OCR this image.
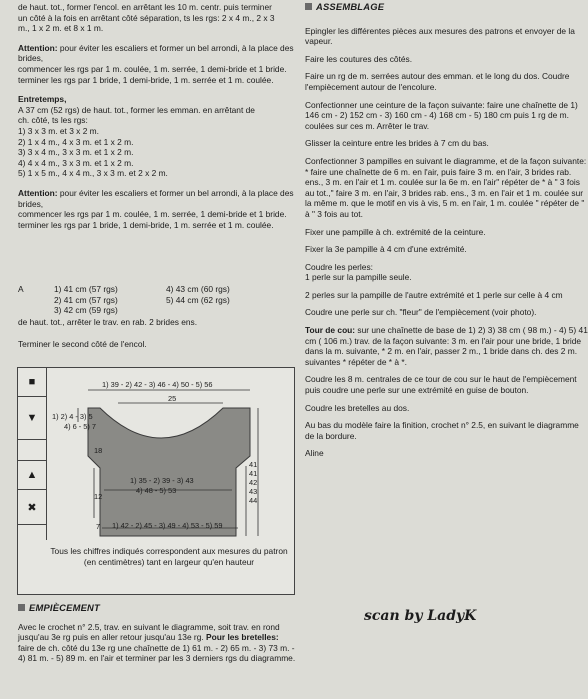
de haut. tot., former l'encol. en arrêtant les 10 m. centr. puis terminer
un côté à la fois en arrêtant côté séparation, ts les rgs: 2 x 4 m., 2 x 3
m., 1 x 2 m. et 8 x 1 m.

Attention: pour éviter les escaliers et former un bel arrondi, à la place des brides,
commencer les rgs par 1 m. coulée, 1 m. serrée, 1 demi-bride et 1 bride.
terminer les rgs par 1 bride, 1 demi-bride, 1 m. serrée et 1 m. coulée.

Entretemps,
A 37 cm (52 rgs) de haut. tot., former les emman. en arrêtant de
ch. côté, ts les rgs:
1) 3 x 3 m. et 3 x 2 m.
2) 1 x 4 m., 4 x 3 m. et 1 x 2 m.
3) 3 x 4 m., 3 x 3 m. et 1 x 2 m.
4) 4 x 4 m., 3 x 3 m. et 1 x 2 m.
5) 1 x 5 m., 4 x 4 m., 3 x 3 m. et 2 x 2 m.

Attention: pour éviter les escaliers et former un bel arrondi, à la place des brides,
commencer les rgs par 1 m. coulée, 1 m. serrée, 1 demi-bride et 1 bride.
terminer les rgs par 1 bride, 1 demi-bride, 1 m. serrée et 1 m. coulée.

A	1) 41 cm (57 rgs)
2) 41 cm (57 rgs)
3) 42 cm (59 rgs)
4) 43 cm (60 rgs)
5) 44 cm (62 rgs)
de haut. tot., arrêter le trav. en rab. 2 brides ens.
Terminer le second côté de l'encol.
■
▼
▲
✖
1) 39 - 2) 42 - 3) 46 - 4) 50 - 5) 56
25
1) 2) 4 - 3) 5
4) 6 - 5) 7
1) 35 - 2) 39 - 3) 43
4) 48 - 5) 53
1) 42 - 2) 45 - 3) 49 - 4) 53 - 5) 59
18
12
7
41
41
42
43
44
Tous les chiffres indiqués correspondent aux mesures du patron (en centimètres) tant en largeur qu'en hauteur
EMPIÈCEMENT
Avec le crochet n° 2.5, trav. en suivant le diagramme, soit trav. en rond jusqu'au 3e rg puis en aller retour jusqu'au 13e rg. Pour les bretelles: faire de ch. côté du 13e rg une chaînette de 1) 61 m. - 2) 65 m. - 3) 73 m. - 4) 81 m. - 5) 89 m. en l'air et terminer par les 3 derniers rgs du diagramme.
ASSEMBLAGE

Epingler les différentes pièces aux mesures des patrons et envoyer de la vapeur.

Faire les coutures des côtés.

Faire un rg de m. serrées autour des emman. et le long du dos. Coudre l'empiècement autour de l'encolure.

Confectionner une ceinture de la façon suivante: faire une chaînette de 1) 146 cm - 2) 152 cm - 3) 160 cm - 4) 168 cm - 5) 180 cm puis 1 rg de m. coulées sur ces m. Arrêter le trav.

Glisser la ceinture entre les brides à 7 cm du bas.

Confectionner 3 pampilles en suivant le diagramme, et de la façon suivante:

* faire une chaînette de 6 m. en l'air, puis faire 3 m. en l'air, 3 brides rab. ens., 3 m. en l'air et 1 m. coulée sur la 6e m. en l'air" répéter de * à " 3 fois au tot.," faire 3 m. en l'air, 3 brides rab. ens., 3 m. en l'air et 1 m. coulée sur la même m. que le motif en vis à vis, 5 m. en l'air, 1 m. coulée " répéter de " à " 3 fois au tot.

Fixer une pampille à ch. extrémité de la ceinture.

Fixer la 3e pampille à 4 cm d'une extrémité.

Coudre les perles:
1 perle sur la pampille seule.

2 perles sur la pampille de l'autre extrémité et 1 perle sur celle à 4 cm

Coudre une perle sur ch. "fleur" de l'empiècement (voir photo).

Tour de cou: sur une chaînette de base de 1) 2) 3) 38 cm ( 98 m.) - 4) 5) 41 cm ( 106 m.) trav. de la façon suivante: 3 m. en l'air pour une bride, 1 bride dans la m. suivante, * 2 m. en l'air, passer 2 m., 1 bride dans ch. des 2 m. suivantes * répéter de * à *.

Coudre les 8 m. centrales de ce tour de cou sur le haut de l'empiècement puis coudre une perle sur une extrémité en guise de bouton.

Coudre les bretelles au dos.

Au bas du modèle faire la finition, crochet n° 2.5, en suivant le diagramme de la bordure.

Aline

scan by LadyK
